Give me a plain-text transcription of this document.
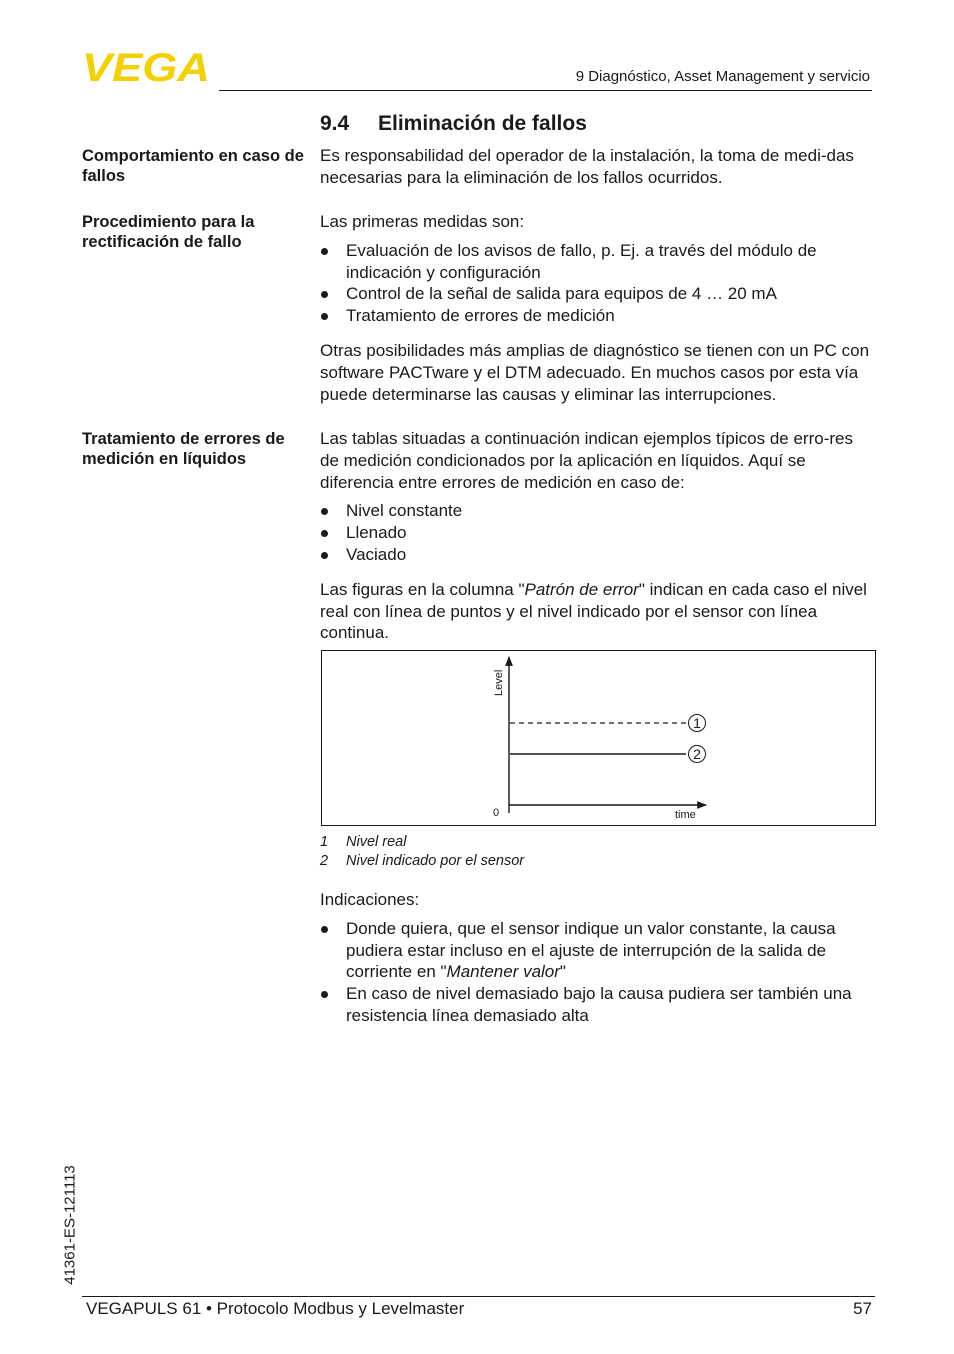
VEGA	9 Diagnóstico, Asset Management y servicio
9.4 Eliminación de fallos
Comportamiento en caso de fallos

Es responsabilidad del operador de la instalación, la toma de medi-das necesarias para la eliminación de los fallos ocurridos.

Procedimiento para la rectificación de fallo

Las primeras medidas son:

Evaluación de los avisos de fallo, p. Ej. a través del módulo de indicación y configuración
Control de la señal de salida para equipos de 4 … 20 mA
Tratamiento de errores de medición

Otras posibilidades más amplias de diagnóstico se tienen con un PC con software PACTware y el DTM adecuado. En muchos casos por esta vía puede determinarse las causas y eliminar las interrupciones.

Tratamiento de errores de medición en líquidos

Las tablas situadas a continuación indican ejemplos típicos de erro-res de medición condicionados por la aplicación en líquidos. Aquí se diferencia entre errores de medición en caso de:

Nivel constante
Llenado
Vaciado

Las figuras en la columna "Patrón de error" indican en cada caso el nivel real con línea de puntos y el nivel indicado por el sensor con línea continua.

Level
time
0
1
2
1 Nivel real
2 Nivel indicado por el sensor

Indicaciones:

Donde quiera, que el sensor indique un valor constante, la causa pudiera estar incluso en el ajuste de interrupción de la salida de corriente en "Mantener valor"
En caso de nivel demasiado bajo la causa pudiera ser también una resistencia línea demasiado alta
41361-ES-121113
VEGAPULS 61 • Protocolo Modbus y Levelmaster	57
